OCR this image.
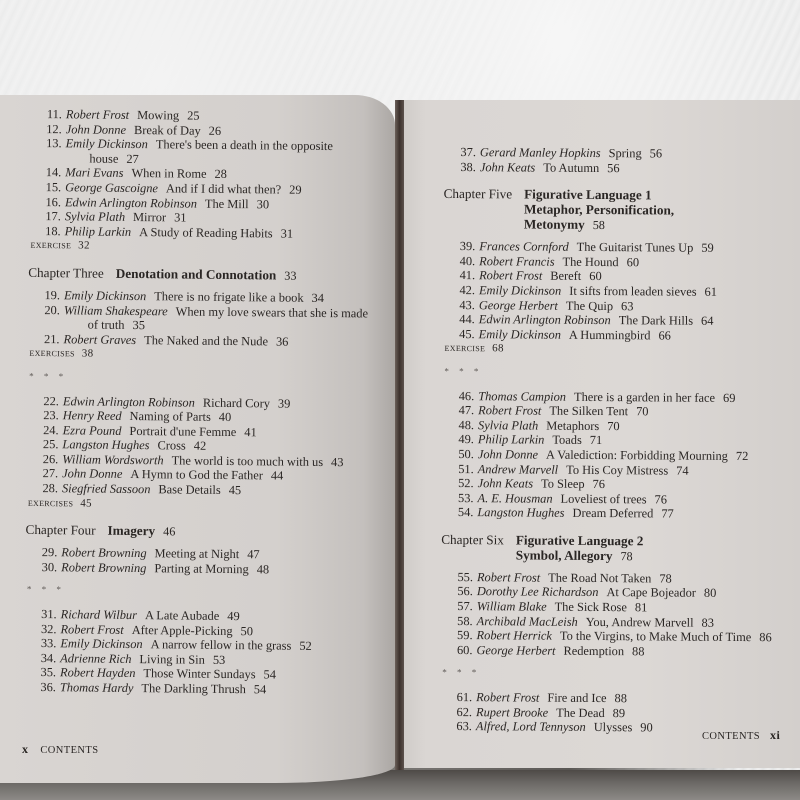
11. Robert Frost Mowing 25
12. John Donne Break of Day 26
13. Emily Dickinson There's been a death in the opposite
house 27
14. Mari Evans When in Rome 28
15. George Gascoigne And if I did what then? 29
16. Edwin Arlington Robinson The Mill 30
17. Sylvia Plath Mirror 31
18. Philip Larkin A Study of Reading Habits 31
exercise 32
Chapter Three Denotation and Connotation 33
19. Emily Dickinson There is no frigate like a book 34
20. William Shakespeare When my love swears that she is made
of truth 35
21. Robert Graves The Naked and the Nude 36
exercises 38
* * *
22. Edwin Arlington Robinson Richard Cory 39
23. Henry Reed Naming of Parts 40
24. Ezra Pound Portrait d'une Femme 41
25. Langston Hughes Cross 42
26. William Wordsworth The world is too much with us 43
27. John Donne A Hymn to God the Father 44
28. Siegfried Sassoon Base Details 45
exercises 45
Chapter Four Imagery 46
29. Robert Browning Meeting at Night 47
30. Robert Browning Parting at Morning 48
* * *
31. Richard Wilbur A Late Aubade 49
32. Robert Frost After Apple-Picking 50
33. Emily Dickinson A narrow fellow in the grass 52
34. Adrienne Rich Living in Sin 53
35. Robert Hayden Those Winter Sundays 54
36. Thomas Hardy The Darkling Thrush 54
x CONTENTS
37. Gerard Manley Hopkins Spring 56
38. John Keats To Autumn 56
Chapter Five Figurative Language 1
Metaphor, Personification,
Metonymy 58
39. Frances Cornford The Guitarist Tunes Up 59
40. Robert Francis The Hound 60
41. Robert Frost Bereft 60
42. Emily Dickinson It sifts from leaden sieves 61
43. George Herbert The Quip 63
44. Edwin Arlington Robinson The Dark Hills 64
45. Emily Dickinson A Hummingbird 66
exercise 68
* * *
46. Thomas Campion There is a garden in her face 69
47. Robert Frost The Silken Tent 70
48. Sylvia Plath Metaphors 70
49. Philip Larkin Toads 71
50. John Donne A Valediction: Forbidding Mourning 72
51. Andrew Marvell To His Coy Mistress 74
52. John Keats To Sleep 76
53. A. E. Housman Loveliest of trees 76
54. Langston Hughes Dream Deferred 77
Chapter Six Figurative Language 2
Symbol, Allegory 78
55. Robert Frost The Road Not Taken 78
56. Dorothy Lee Richardson At Cape Bojeador 80
57. William Blake The Sick Rose 81
58. Archibald MacLeish You, Andrew Marvell 83
59. Robert Herrick To the Virgins, to Make Much of Time 86
60. George Herbert Redemption 88
* * *
61. Robert Frost Fire and Ice 88
62. Rupert Brooke The Dead 89
63. Alfred, Lord Tennyson Ulysses 90
CONTENTS xi
